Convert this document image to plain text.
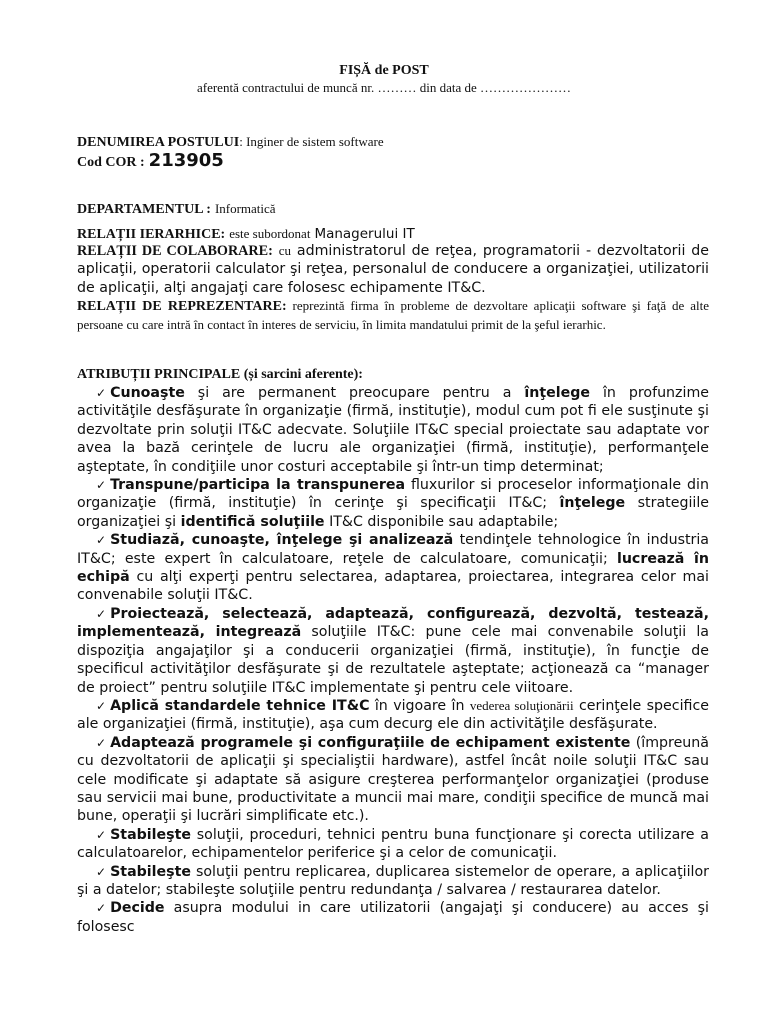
FIȘĂ de POST
aferentă contractului de muncă nr. ……… din data de …………………
DENUMIREA POSTULUI: Inginer de sistem software
Cod COR : 213905
DEPARTAMENTUL : Informatică
RELAȚII IERARHICE: este subordonat Managerului IT
RELAȚII DE COLABORARE: cu administratorul de reţea, programatorii - dezvoltatorii de aplicaţii, operatorii calculator şi reţea, personalul de conducere a organizaţiei, utilizatorii de aplicaţii, alţi angajaţi care folosesc echipamente IT&C.
RELAȚII DE REPREZENTARE: reprezintă firma în probleme de dezvoltare aplicaţii software şi faţă de alte persoane cu care intră în contact în interes de serviciu, în limita mandatului primit de la şeful ierarhic.
ATRIBUȚII PRINCIPALE (și sarcini aferente):

✓ Cunoaşte şi are permanent preocupare pentru a înţelege în profunzime activităţile desfăşurate în organizaţie (firmă, instituţie), modul cum pot fi ele susţinute şi dezvoltate prin soluţii IT&C adecvate. Soluţiile IT&C special proiectate sau adaptate vor avea la bază cerinţele de lucru ale organizaţiei (firmă, instituţie), performanţele aşteptate, în condiţiile unor costuri acceptabile şi într-un timp determinat;

✓ Transpune/participa la transpunerea fluxurilor si proceselor informaţionale din organizaţie (firmă, instituţie) în cerinţe şi specificaţii IT&C; înţelege strategiile organizaţiei şi identifică soluţiile IT&C disponibile sau adaptabile;

✓ Studiază, cunoaşte, înţelege şi analizează tendinţele tehnologice în industria IT&C; este expert în calculatoare, reţele de calculatoare, comunicaţii; lucrează în echipă cu alţi experţi pentru selectarea, adaptarea, proiectarea, integrarea celor mai convenabile soluţii IT&C.

✓ Proiectează, selectează, adaptează, configurează, dezvoltă, testează, implementează, integrează soluţiile IT&C: pune cele mai convenabile soluţii la dispoziţia angajaţilor şi a conducerii organizaţiei (firmă, instituţie), în funcţie de specificul activităţilor desfăşurate şi de rezultatele aşteptate; acţionează ca “manager de proiect” pentru soluţiile IT&C implementate şi pentru cele viitoare.

✓ Aplică standardele tehnice IT&C în vigoare în vederea soluţionării cerinţele specifice ale organizaţiei (firmă, instituţie), aşa cum decurg ele din activităţile desfăşurate.

✓ Adaptează programele şi configuraţiile de echipament existente (împreună cu dezvoltatorii de aplicaţii şi specialiştii hardware), astfel încât noile soluţii IT&C sau cele modificate şi adaptate să asigure creşterea performanţelor organizaţiei (produse sau servicii mai bune, productivitate a muncii mai mare, condiţii specifice de muncă mai bune, operaţii şi lucrări simplificate etc.).

✓ Stabileşte soluţii, proceduri, tehnici pentru buna funcţionare şi corecta utilizare a calculatoarelor, echipamentelor periferice şi a celor de comunicaţii.

✓ Stabileşte soluţii pentru replicarea, duplicarea sistemelor de operare, a aplicaţiilor şi a datelor; stabileşte soluţiile pentru redundanţa / salvarea / restaurarea datelor.

✓ Decide asupra modului in care utilizatorii (angajaţi şi conducere) au acces şi folosesc
